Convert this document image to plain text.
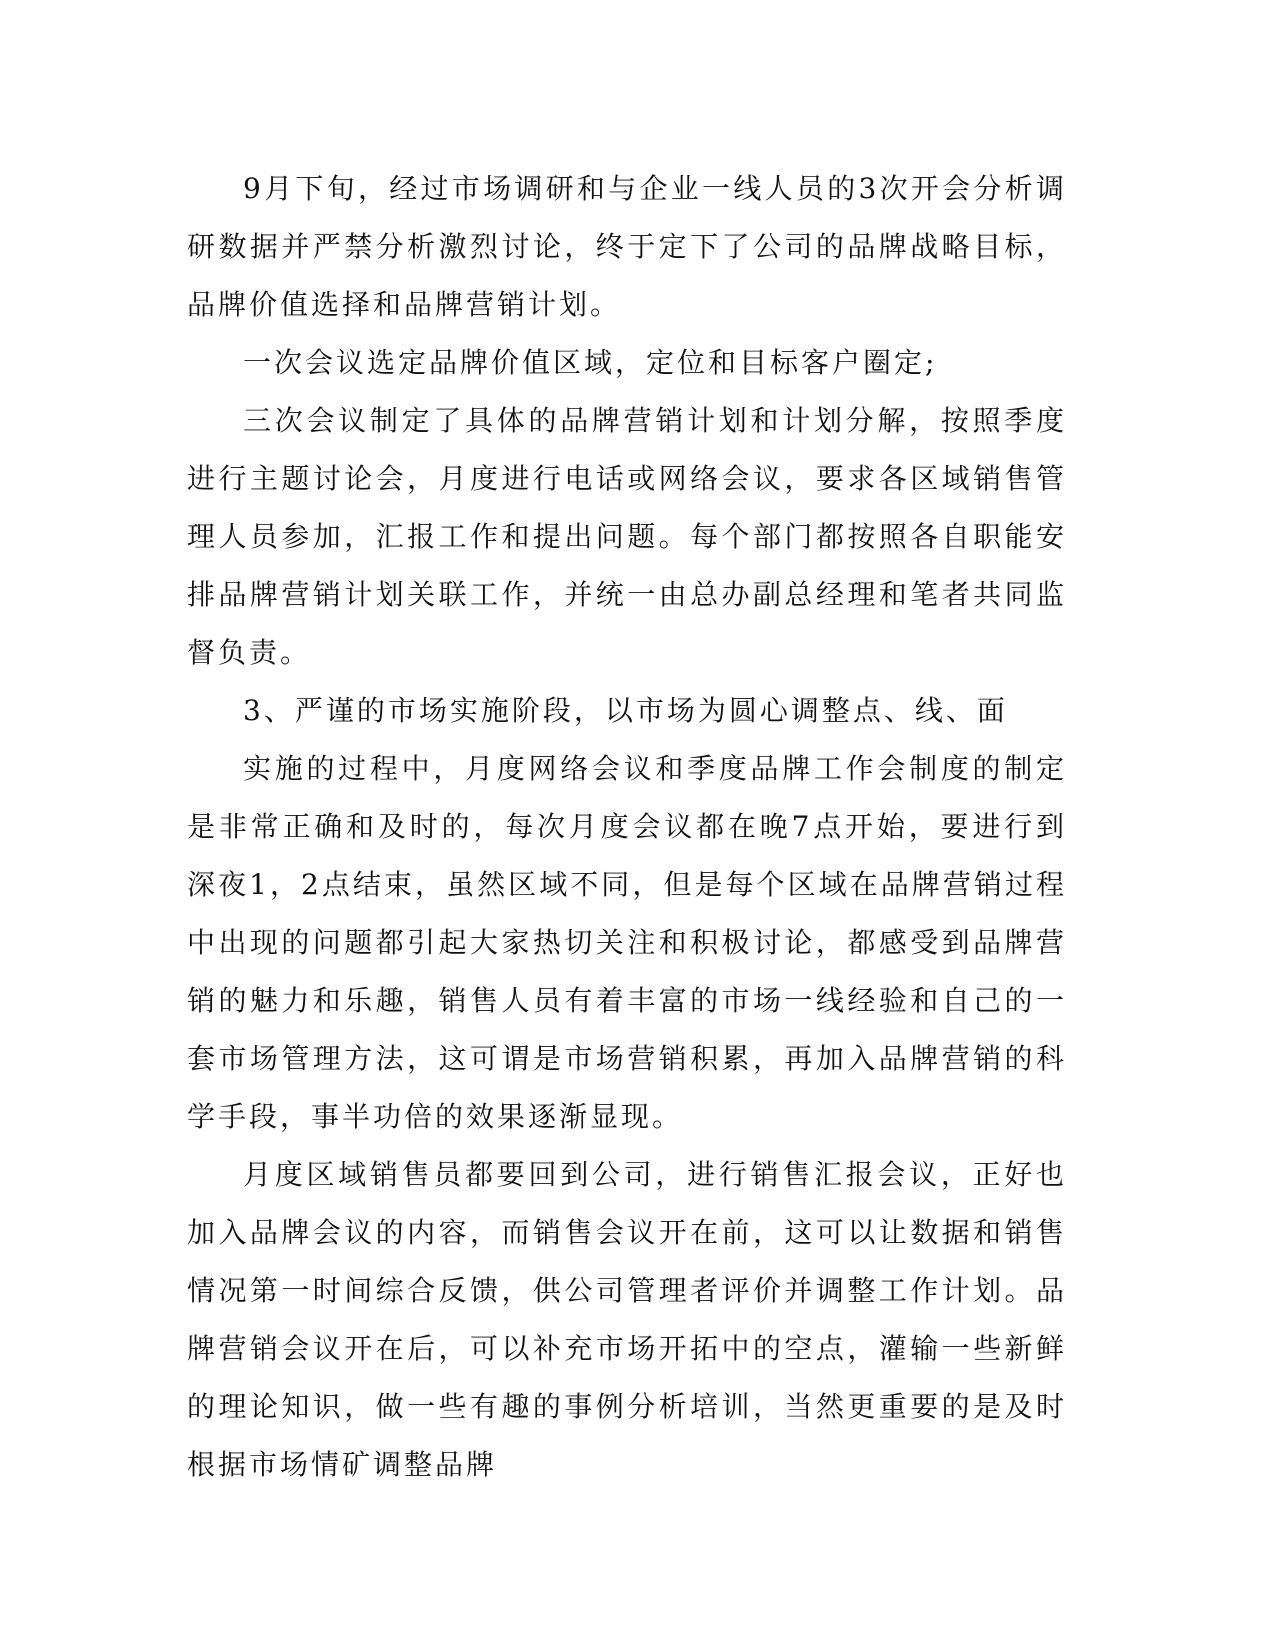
9月下旬，经过市场调研和与企业一线人员的3次开会分析调研数据并严禁分析激烈讨论，终于定下了公司的品牌战略目标，品牌价值选择和品牌营销计划。

一次会议选定品牌价值区域，定位和目标客户圈定;

三次会议制定了具体的品牌营销计划和计划分解，按照季度进行主题讨论会，月度进行电话或网络会议，要求各区域销售管理人员参加，汇报工作和提出问题。每个部门都按照各自职能安排品牌营销计划关联工作，并统一由总办副总经理和笔者共同监督负责。

3、严谨的市场实施阶段，以市场为圆心调整点、线、面

实施的过程中，月度网络会议和季度品牌工作会制度的制定是非常正确和及时的，每次月度会议都在晚7点开始，要进行到深夜1，2点结束，虽然区域不同，但是每个区域在品牌营销过程中出现的问题都引起大家热切关注和积极讨论，都感受到品牌营销的魅力和乐趣，销售人员有着丰富的市场一线经验和自己的一套市场管理方法，这可谓是市场营销积累，再加入品牌营销的科学手段，事半功倍的效果逐渐显现。

月度区域销售员都要回到公司，进行销售汇报会议，正好也加入品牌会议的内容，而销售会议开在前，这可以让数据和销售情况第一时间综合反馈，供公司管理者评价并调整工作计划。品牌营销会议开在后，可以补充市场开拓中的空点，灌输一些新鲜的理论知识，做一些有趣的事例分析培训，当然更重要的是及时根据市场情矿调整品牌
